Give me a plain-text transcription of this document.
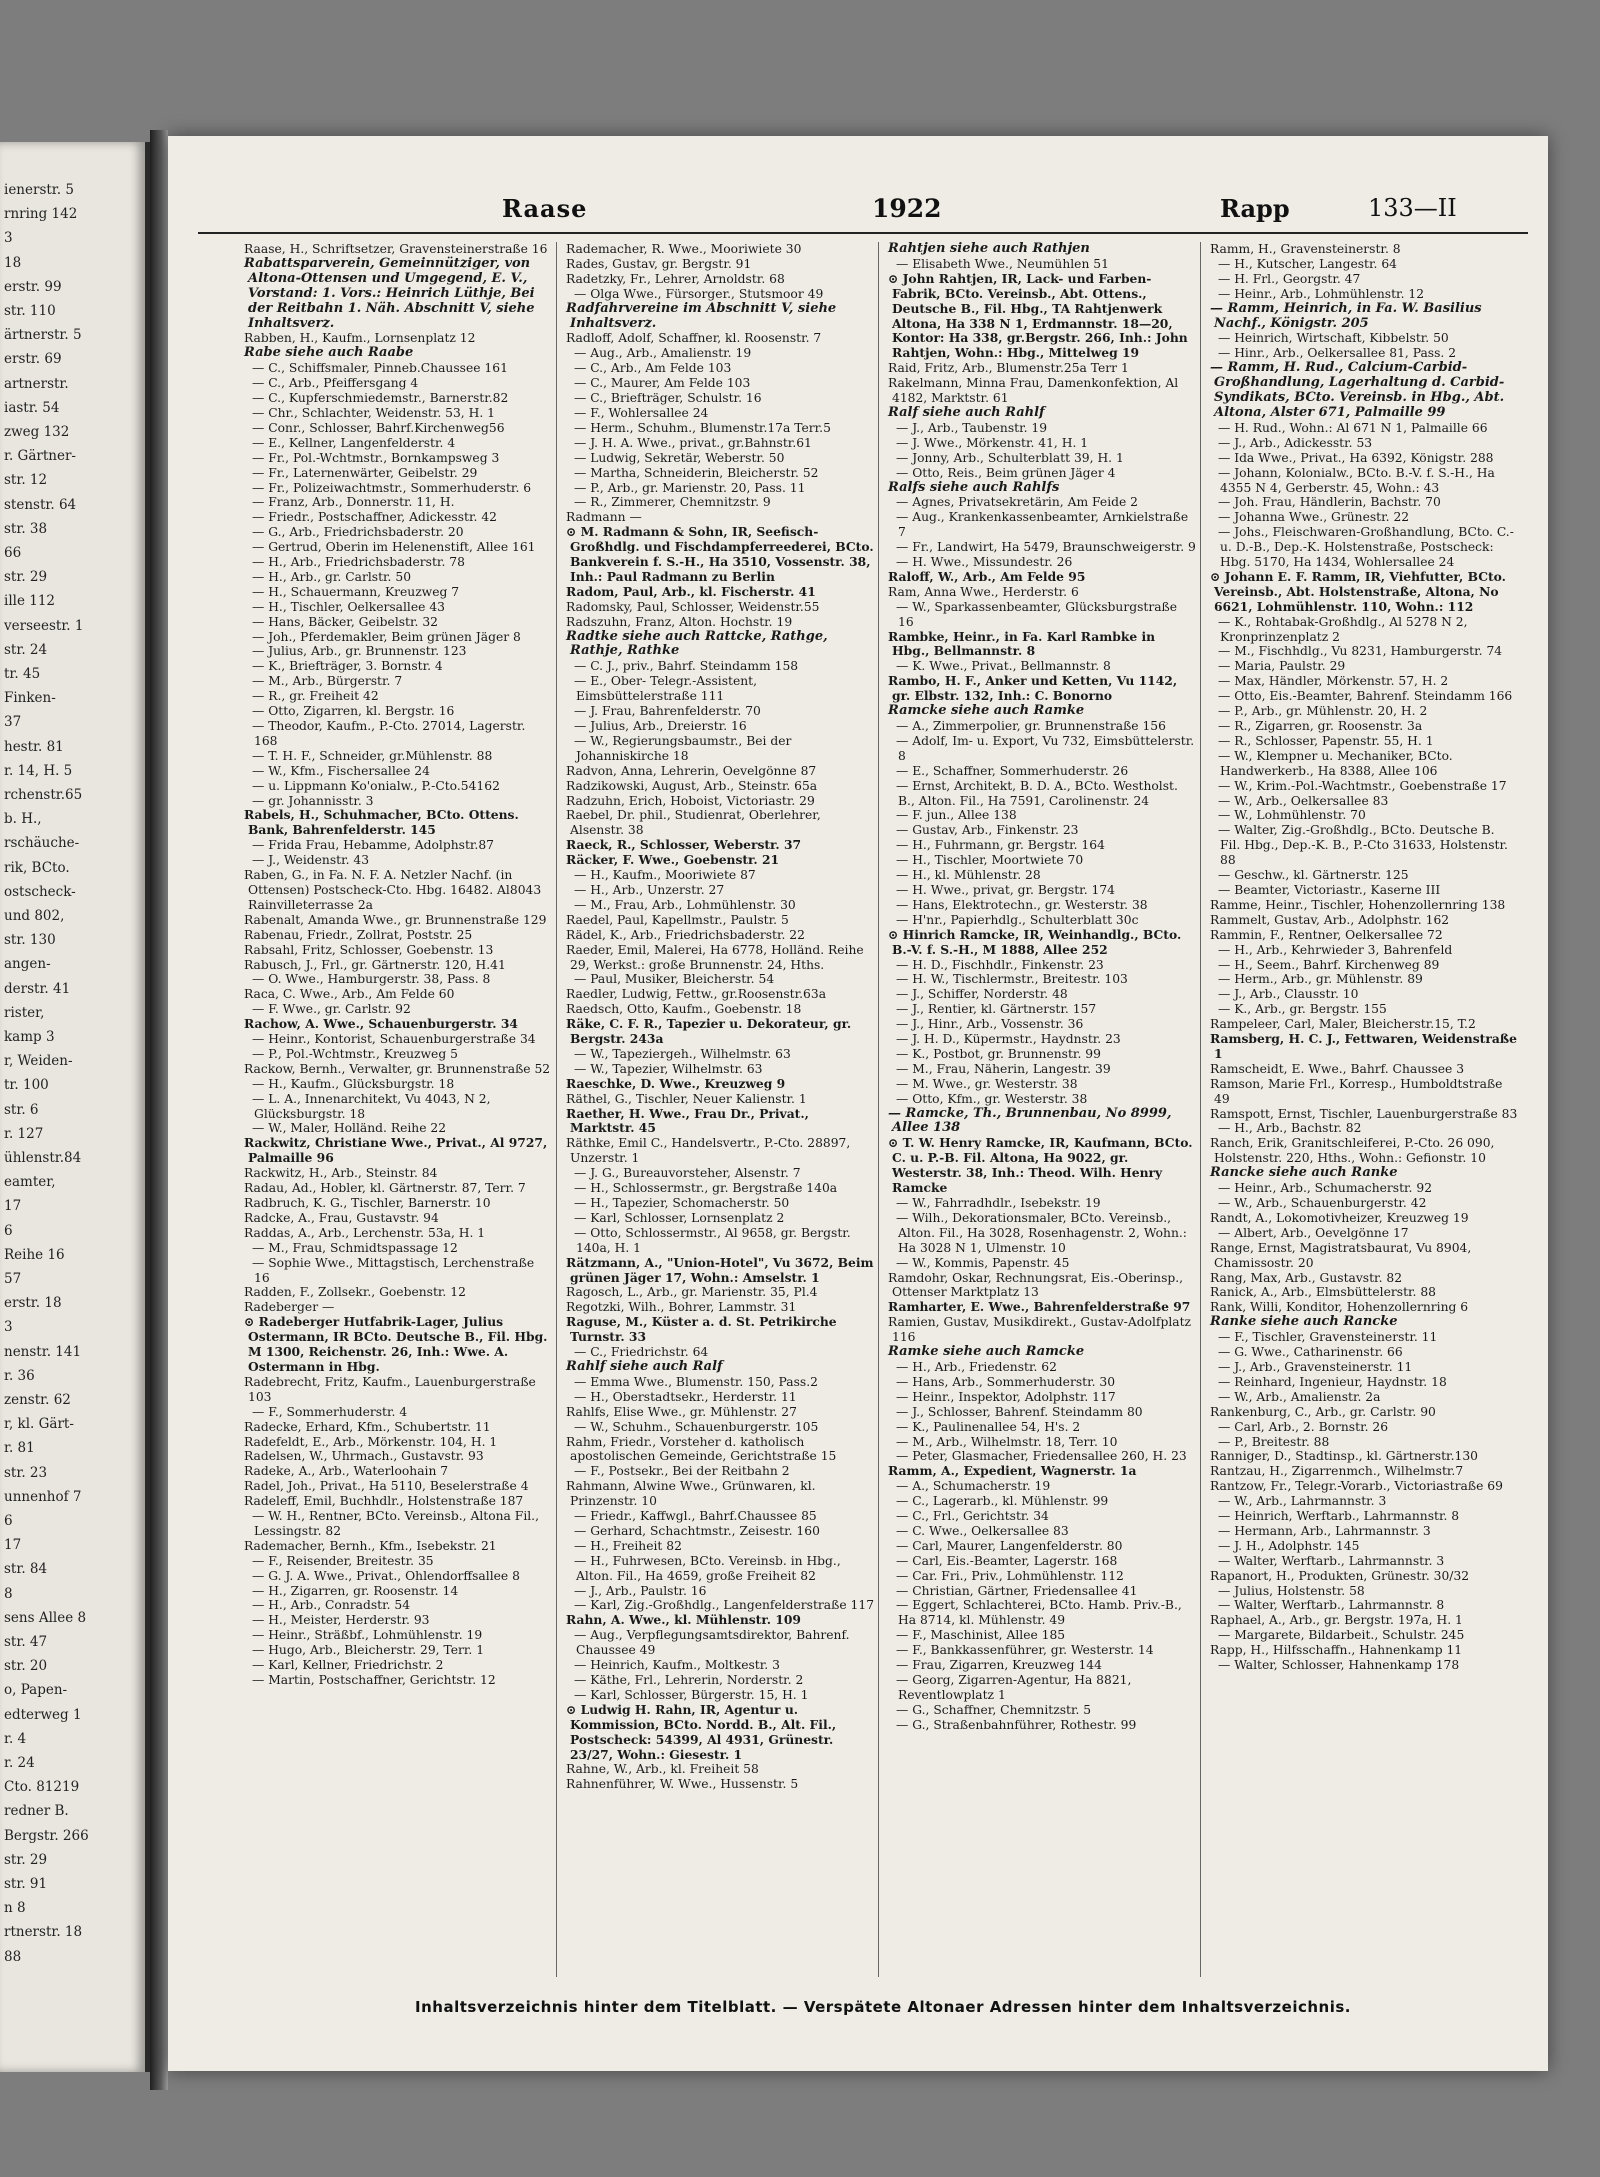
ienerstr. 5
rnring 142
3
18
erstr. 99
str. 110
ärtnerstr. 5
erstr. 69
artnerstr.
iastr. 54
zweg 132
r. Gärtner-
str. 12
stenstr. 64
str. 38
66
str. 29
ille 112
verseestr. 1
str. 24
tr. 45
Finken-
37
hestr. 81
r. 14, H. 5
rchenstr.65
b. H.,
rschäuche-
rik, BCto.
ostscheck-
und 802,
str. 130
angen-
derstr. 41
rister,
kamp 3
r, Weiden-
tr. 100
str. 6
r. 127
ühlenstr.84
eamter,
17
6
Reihe 16
57
erstr. 18
3
nenstr. 141
r. 36
zenstr. 62
r, kl. Gärt-
r. 81
str. 23
unnenhof 7
6
17
str. 84
8
sens Allee 8
str. 47
str. 20
o, Papen-
edterweg 1
r. 4
r. 24
Cto. 81219
redner B.
Bergstr. 266
str. 29
str. 91
n 8
rtnerstr. 18
88
Raase	1922	Rapp	133—II
Raase, H., Schriftsetzer, Gravensteinerstraße 16
Rabattsparverein, Gemeinnütziger, von Altona-Ottensen und Umgegend, E. V., Vorstand: 1. Vors.: Heinrich Lüthje, Bei der Reitbahn 1. Näh. Abschnitt V, siehe Inhaltsverz.
Rabben, H., Kaufm., Lornsenplatz 12
Rabe siehe auch Raabe
— C., Schiffsmaler, Pinneb.Chaussee 161
— C., Arb., Pfeiffersgang 4
— C., Kupferschmiedemstr., Barnerstr.82
— Chr., Schlachter, Weidenstr. 53, H. 1
— Conr., Schlosser, Bahrf.Kirchenweg56
— E., Kellner, Langenfelderstr. 4
— Fr., Pol.-Wchtmstr., Bornkampsweg 3
— Fr., Laternenwärter, Geibelstr. 29
— Fr., Polizeiwachtmstr., Sommerhuderstr. 6
— Franz, Arb., Donnerstr. 11, H.
— Friedr., Postschaffner, Adickesstr. 42
— G., Arb., Friedrichsbaderstr. 20
— Gertrud, Oberin im Helenenstift, Allee 161
— H., Arb., Friedrichsbaderstr. 78
— H., Arb., gr. Carlstr. 50
— H., Schauermann, Kreuzweg 7
— H., Tischler, Oelkersallee 43
— Hans, Bäcker, Geibelstr. 32
— Joh., Pferdemakler, Beim grünen Jäger 8
— Julius, Arb., gr. Brunnenstr. 123
— K., Briefträger, 3. Bornstr. 4
— M., Arb., Bürgerstr. 7
— R., gr. Freiheit 42
— Otto, Zigarren, kl. Bergstr. 16
— Theodor, Kaufm., P.-Cto. 27014, Lagerstr. 168
— T. H. F., Schneider, gr.Mühlenstr. 88
— W., Kfm., Fischersallee 24
— u. Lippmann Ko'onialw., P.-Cto.54162
— gr. Johannisstr. 3
Rabels, H., Schuhmacher, BCto. Ottens. Bank, Bahrenfelderstr. 145
— Frida Frau, Hebamme, Adolphstr.87
— J., Weidenstr. 43
Raben, G., in Fa. N. F. A. Netzler Nachf. (in Ottensen) Postscheck-Cto. Hbg. 16482. Al8043 Rainvilleterrasse 2a
Rabenalt, Amanda Wwe., gr. Brunnenstraße 129
Rabenau, Friedr., Zollrat, Poststr. 25
Rabsahl, Fritz, Schlosser, Goebenstr. 13
Rabusch, J., Frl., gr. Gärtnerstr. 120, H.41
— O. Wwe., Hamburgerstr. 38, Pass. 8
Raca, C. Wwe., Arb., Am Felde 60
— F. Wwe., gr. Carlstr. 92
Rachow, A. Wwe., Schauenburgerstr. 34
— Heinr., Kontorist, Schauenburgerstraße 34
— P., Pol.-Wchtmstr., Kreuzweg 5
Rackow, Bernh., Verwalter, gr. Brunnenstraße 52
— H., Kaufm., Glücksburgstr. 18
— L. A., Innenarchitekt, Vu 4043, N 2, Glücksburgstr. 18
— W., Maler, Holländ. Reihe 22
Rackwitz, Christiane Wwe., Privat., Al 9727, Palmaille 96
Rackwitz, H., Arb., Steinstr. 84
Radau, Ad., Hobler, kl. Gärtnerstr. 87, Terr. 7
Radbruch, K. G., Tischler, Barnerstr. 10
Radcke, A., Frau, Gustavstr. 94
Raddas, A., Arb., Lerchenstr. 53a, H. 1
— M., Frau, Schmidtspassage 12
— Sophie Wwe., Mittagstisch, Lerchenstraße 16
Radden, F., Zollsekr., Goebenstr. 12
Radeberger —
⊙ Radeberger Hutfabrik-Lager, Julius Ostermann, IR BCto. Deutsche B., Fil. Hbg. M 1300, Reichenstr. 26, Inh.: Wwe. A. Ostermann in Hbg.
Radebrecht, Fritz, Kaufm., Lauenburgerstraße 103
— F., Sommerhuderstr. 4
Radecke, Erhard, Kfm., Schubertstr. 11
Radefeldt, E., Arb., Mörkenstr. 104, H. 1
Radelsen, W., Uhrmach., Gustavstr. 93
Radeke, A., Arb., Waterloohain 7
Radel, Joh., Privat., Ha 5110, Beselerstraße 4
Radeleff, Emil, Buchhdlr., Holstenstraße 187
— W. H., Rentner, BCto. Vereinsb., Altona Fil., Lessingstr. 82
Rademacher, Bernh., Kfm., Isebekstr. 21
— F., Reisender, Breitestr. 35
— G. J. A. Wwe., Privat., Ohlendorffsallee 8
— H., Zigarren, gr. Roosenstr. 14
— H., Arb., Conradstr. 54
— H., Meister, Herderstr. 93
— Heinr., Sträßbf., Lohmühlenstr. 19
— Hugo, Arb., Bleicherstr. 29, Terr. 1
— Karl, Kellner, Friedrichstr. 2
— Martin, Postschaffner, Gerichtstr. 12
Rademacher, R. Wwe., Mooriwiete 30
Rades, Gustav, gr. Bergstr. 91
Radetzky, Fr., Lehrer, Arnoldstr. 68
— Olga Wwe., Fürsorger., Stutsmoor 49
Radfahrvereine im Abschnitt V, siehe Inhaltsverz.
Radloff, Adolf, Schaffner, kl. Roosenstr. 7
— Aug., Arb., Amalienstr. 19
— C., Arb., Am Felde 103
— C., Maurer, Am Felde 103
— C., Briefträger, Schulstr. 16
— F., Wohlersallee 24
— Herm., Schuhm., Blumenstr.17a Terr.5
— J. H. A. Wwe., privat., gr.Bahnstr.61
— Ludwig, Sekretär, Weberstr. 50
— Martha, Schneiderin, Bleicherstr. 52
— P., Arb., gr. Marienstr. 20, Pass. 11
— R., Zimmerer, Chemnitzstr. 9
Radmann —
⊙ M. Radmann & Sohn, IR, Seefisch-Großhdlg. und Fischdampferreederei, BCto. Bankverein f. S.-H., Ha 3510, Vossenstr. 38, Inh.: Paul Radmann zu Berlin
Radom, Paul, Arb., kl. Fischerstr. 41
Radomsky, Paul, Schlosser, Weidenstr.55
Radszuhn, Franz, Alton. Hochstr. 19
Radtke siehe auch Rattcke, Rathge, Rathje, Rathke
— C. J., priv., Bahrf. Steindamm 158
— E., Ober- Telegr.-Assistent, Eimsbüttelerstraße 111
— J. Frau, Bahrenfelderstr. 70
— Julius, Arb., Dreierstr. 16
— W., Regierungsbaumstr., Bei der Johanniskirche 18
Radvon, Anna, Lehrerin, Oevelgönne 87
Radzikowski, August, Arb., Steinstr. 65a
Radzuhn, Erich, Hoboist, Victoriastr. 29
Raebel, Dr. phil., Studienrat, Oberlehrer, Alsenstr. 38
Raeck, R., Schlosser, Weberstr. 37
Räcker, F. Wwe., Goebenstr. 21
— H., Kaufm., Mooriwiete 87
— H., Arb., Unzerstr. 27
— M., Frau, Arb., Lohmühlenstr. 30
Raedel, Paul, Kapellmstr., Paulstr. 5
Rädel, K., Arb., Friedrichsbaderstr. 22
Raeder, Emil, Malerei, Ha 6778, Holländ. Reihe 29, Werkst.: große Brunnenstr. 24, Hths.
— Paul, Musiker, Bleicherstr. 54
Raedler, Ludwig, Fettw., gr.Roosenstr.63a
Raedsch, Otto, Kaufm., Goebenstr. 18
Räke, C. F. R., Tapezier u. Dekorateur, gr. Bergstr. 243a
— W., Tapeziergeh., Wilhelmstr. 63
— W., Tapezier, Wilhelmstr. 63
Raeschke, D. Wwe., Kreuzweg 9
Räthel, G., Tischler, Neuer Kalienstr. 1
Raether, H. Wwe., Frau Dr., Privat., Marktstr. 45
Räthke, Emil C., Handelsvertr., P.-Cto. 28897, Unzerstr. 1
— J. G., Bureauvorsteher, Alsenstr. 7
— H., Schlossermstr., gr. Bergstraße 140a
— H., Tapezier, Schomacherstr. 50
— Karl, Schlosser, Lornsenplatz 2
— Otto, Schlossermstr., Al 9658, gr. Bergstr. 140a, H. 1
Rätzmann, A., "Union-Hotel", Vu 3672, Beim grünen Jäger 17, Wohn.: Amselstr. 1
Ragosch, L., Arb., gr. Marienstr. 35, Pl.4
Regotzki, Wilh., Bohrer, Lammstr. 31
Raguse, M., Küster a. d. St. Petrikirche Turnstr. 33
— C., Friedrichstr. 64
Rahlf siehe auch Ralf
— Emma Wwe., Blumenstr. 150, Pass.2
— H., Oberstadtsekr., Herderstr. 11
Rahlfs, Elise Wwe., gr. Mühlenstr. 27
— W., Schuhm., Schauenburgerstr. 105
Rahm, Friedr., Vorsteher d. katholisch apostolischen Gemeinde, Gerichtstraße 15
— F., Postsekr., Bei der Reitbahn 2
Rahmann, Alwine Wwe., Grünwaren, kl. Prinzenstr. 10
— Friedr., Kaffwgl., Bahrf.Chaussee 85
— Gerhard, Schachtmstr., Zeisestr. 160
— H., Freiheit 82
— H., Fuhrwesen, BCto. Vereinsb. in Hbg., Alton. Fil., Ha 4659, große Freiheit 82
— J., Arb., Paulstr. 16
— Karl, Zig.-Großhdlg., Langenfelderstraße 117
Rahn, A. Wwe., kl. Mühlenstr. 109
— Aug., Verpflegungsamtsdirektor, Bahrenf. Chaussee 49
— Heinrich, Kaufm., Moltkestr. 3
— Käthe, Frl., Lehrerin, Norderstr. 2
— Karl, Schlosser, Bürgerstr. 15, H. 1
⊙ Ludwig H. Rahn, IR, Agentur u. Kommission, BCto. Nordd. B., Alt. Fil., Postscheck: 54399, Al 4931, Grünestr. 23/27, Wohn.: Giesestr. 1
Rahne, W., Arb., kl. Freiheit 58
Rahnenführer, W. Wwe., Hussenstr. 5
Rahtjen siehe auch Rathjen
— Elisabeth Wwe., Neumühlen 51
⊙ John Rahtjen, IR, Lack- und Farben-Fabrik, BCto. Vereinsb., Abt. Ottens., Deutsche B., Fil. Hbg., TA Rahtjenwerk Altona, Ha 338 N 1, Erdmannstr. 18—20, Kontor: Ha 338, gr.Bergstr. 266, Inh.: John Rahtjen, Wohn.: Hbg., Mittelweg 19
Raid, Fritz, Arb., Blumenstr.25a Terr 1
Rakelmann, Minna Frau, Damenkonfektion, Al 4182, Marktstr. 61
Ralf siehe auch Rahlf
— J., Arb., Taubenstr. 19
— J. Wwe., Mörkenstr. 41, H. 1
— Jonny, Arb., Schulterblatt 39, H. 1
— Otto, Reis., Beim grünen Jäger 4
Ralfs siehe auch Rahlfs
— Agnes, Privatsekretärin, Am Feide 2
— Aug., Krankenkassenbeamter, Arnkielstraße 7
— Fr., Landwirt, Ha 5479, Braunschweigerstr. 9
— H. Wwe., Missundestr. 26
Raloff, W., Arb., Am Felde 95
Ram, Anna Wwe., Herderstr. 6
— W., Sparkassenbeamter, Glücksburgstraße 16
Rambke, Heinr., in Fa. Karl Rambke in Hbg., Bellmannstr. 8
— K. Wwe., Privat., Bellmannstr. 8
Rambo, H. F., Anker und Ketten, Vu 1142, gr. Elbstr. 132, Inh.: C. Bonorno
Ramcke siehe auch Ramke
— A., Zimmerpolier, gr. Brunnenstraße 156
— Adolf, Im- u. Export, Vu 732, Eimsbüttelerstr. 8
— E., Schaffner, Sommerhuderstr. 26
— Ernst, Architekt, B. D. A., BCto. Westholst. B., Alton. Fil., Ha 7591, Carolinenstr. 24
— F. jun., Allee 138
— Gustav, Arb., Finkenstr. 23
— H., Fuhrmann, gr. Bergstr. 164
— H., Tischler, Moortwiete 70
— H., kl. Mühlenstr. 28
— H. Wwe., privat, gr. Bergstr. 174
— Hans, Elektrotechn., gr. Westerstr. 38
— H'nr., Papierhdlg., Schulterblatt 30c
⊙ Hinrich Ramcke, IR, Weinhandlg., BCto. B.-V. f. S.-H., M 1888, Allee 252
— H. D., Fischhdlr., Finkenstr. 23
— H. W., Tischlermstr., Breitestr. 103
— J., Schiffer, Norderstr. 48
— J., Rentier, kl. Gärtnerstr. 157
— J., Hinr., Arb., Vossenstr. 36
— J. H. D., Küpermstr., Haydnstr. 23
— K., Postbot, gr. Brunnenstr. 99
— M., Frau, Näherin, Langestr. 39
— M. Wwe., gr. Westerstr. 38
— Otto, Kfm., gr. Westerstr. 38
— Ramcke, Th., Brunnenbau, No 8999, Allee 138
⊙ T. W. Henry Ramcke, IR, Kaufmann, BCto. C. u. P.-B. Fil. Altona, Ha 9022, gr. Westerstr. 38, Inh.: Theod. Wilh. Henry Ramcke
— W., Fahrradhdlr., Isebekstr. 19
— Wilh., Dekorationsmaler, BCto. Vereinsb., Alton. Fil., Ha 3028, Rosenhagenstr. 2, Wohn.: Ha 3028 N 1, Ulmenstr. 10
— W., Kommis, Papenstr. 45
Ramdohr, Oskar, Rechnungsrat, Eis.-Oberinsp., Ottenser Marktplatz 13
Ramharter, E. Wwe., Bahrenfelderstraße 97
Ramien, Gustav, Musikdirekt., Gustav-Adolfplatz 116
Ramke siehe auch Ramcke
— H., Arb., Friedenstr. 62
— Hans, Arb., Sommerhuderstr. 30
— Heinr., Inspektor, Adolphstr. 117
— J., Schlosser, Bahrenf. Steindamm 80
— K., Paulinenallee 54, H's. 2
— M., Arb., Wilhelmstr. 18, Terr. 10
— Peter, Glasmacher, Friedensallee 260, H. 23
Ramm, A., Expedient, Wagnerstr. 1a
— A., Schumacherstr. 19
— C., Lagerarb., kl. Mühlenstr. 99
— C., Frl., Gerichtstr. 34
— C. Wwe., Oelkersallee 83
— Carl, Maurer, Langenfelderstr. 80
— Carl, Eis.-Beamter, Lagerstr. 168
— Car. Fri., Priv., Lohmühlenstr. 112
— Christian, Gärtner, Friedensallee 41
— Eggert, Schlachterei, BCto. Hamb. Priv.-B., Ha 8714, kl. Mühlenstr. 49
— F., Maschinist, Allee 185
— F., Bankkassenführer, gr. Westerstr. 14
— Frau, Zigarren, Kreuzweg 144
— Georg, Zigarren-Agentur, Ha 8821, Reventlowplatz 1
— G., Schaffner, Chemnitzstr. 5
— G., Straßenbahnführer, Rothestr. 99
Ramm, H., Gravensteinerstr. 8
— H., Kutscher, Langestr. 64
— H. Frl., Georgstr. 47
— Heinr., Arb., Lohmühlenstr. 12
— Ramm, Heinrich, in Fa. W. Basilius Nachf., Königstr. 205
— Heinrich, Wirtschaft, Kibbelstr. 50
— Hinr., Arb., Oelkersallee 81, Pass. 2
— Ramm, H. Rud., Calcium-Carbid-Großhandlung, Lagerhaltung d. Carbid-Syndikats, BCto. Vereinsb. in Hbg., Abt. Altona, Alster 671, Palmaille 99
— H. Rud., Wohn.: Al 671 N 1, Palmaille 66
— J., Arb., Adickesstr. 53
— Ida Wwe., Privat., Ha 6392, Königstr. 288
— Johann, Kolonialw., BCto. B.-V. f. S.-H., Ha 4355 N 4, Gerberstr. 45, Wohn.: 43
— Joh. Frau, Händlerin, Bachstr. 70
— Johanna Wwe., Grünestr. 22
— Johs., Fleischwaren-Großhandlung, BCto. C.- u. D.-B., Dep.-K. Holstenstraße, Postscheck: Hbg. 5170, Ha 1434, Wohlersallee 24
⊙ Johann E. F. Ramm, IR, Viehfutter, BCto. Vereinsb., Abt. Holstenstraße, Altona, No 6621, Lohmühlenstr. 110, Wohn.: 112
— K., Rohtabak-Großhdlg., Al 5278 N 2, Kronprinzenplatz 2
— M., Fischhdlg., Vu 8231, Hamburgerstr. 74
— Maria, Paulstr. 29
— Max, Händler, Mörkenstr. 57, H. 2
— Otto, Eis.-Beamter, Bahrenf. Steindamm 166
— P., Arb., gr. Mühlenstr. 20, H. 2
— R., Zigarren, gr. Roosenstr. 3a
— R., Schlosser, Papenstr. 55, H. 1
— W., Klempner u. Mechaniker, BCto. Handwerkerb., Ha 8388, Allee 106
— W., Krim.-Pol.-Wachtmstr., Goebenstraße 17
— W., Arb., Oelkersallee 83
— W., Lohmühlenstr. 70
— Walter, Zig.-Großhdlg., BCto. Deutsche B. Fil. Hbg., Dep.-K. B., P.-Cto 31633, Holstenstr. 88
— Geschw., kl. Gärtnerstr. 125
— Beamter, Victoriastr., Kaserne III
Ramme, Heinr., Tischler, Hohenzollernring 138
Rammelt, Gustav, Arb., Adolphstr. 162
Rammin, F., Rentner, Oelkersallee 72
— H., Arb., Kehrwieder 3, Bahrenfeld
— H., Seem., Bahrf. Kirchenweg 89
— Herm., Arb., gr. Mühlenstr. 89
— J., Arb., Clausstr. 10
— K., Arb., gr. Bergstr. 155
Rampeleer, Carl, Maler, Bleicherstr.15, T.2
Ramsberg, H. C. J., Fettwaren, Weidenstraße 1
Ramscheidt, E. Wwe., Bahrf. Chaussee 3
Ramson, Marie Frl., Korresp., Humboldtstraße 49
Ramspott, Ernst, Tischler, Lauenburgerstraße 83
— H., Arb., Bachstr. 82
Ranch, Erik, Granitschleiferei, P.-Cto. 26 090, Holstenstr. 220, Hths., Wohn.: Gefionstr. 10
Rancke siehe auch Ranke
— Heinr., Arb., Schumacherstr. 92
— W., Arb., Schauenburgerstr. 42
Randt, A., Lokomotivheizer, Kreuzweg 19
— Albert, Arb., Oevelgönne 17
Range, Ernst, Magistratsbaurat, Vu 8904, Chamissostr. 20
Rang, Max, Arb., Gustavstr. 82
Ranick, A., Arb., Elmsbüttelerstr. 88
Rank, Willi, Konditor, Hohenzollernring 6
Ranke siehe auch Rancke
— F., Tischler, Gravensteinerstr. 11
— G. Wwe., Catharinenstr. 66
— J., Arb., Gravensteinerstr. 11
— Reinhard, Ingenieur, Haydnstr. 18
— W., Arb., Amalienstr. 2a
Rankenburg, C., Arb., gr. Carlstr. 90
— Carl, Arb., 2. Bornstr. 26
— P., Breitestr. 88
Ranniger, D., Stadtinsp., kl. Gärtnerstr.130
Rantzau, H., Zigarrenmch., Wilhelmstr.7
Rantzow, Fr., Telegr.-Vorarb., Victoriastraße 69
— W., Arb., Lahrmannstr. 3
— Heinrich, Werftarb., Lahrmannstr. 8
— Hermann, Arb., Lahrmannstr. 3
— J. H., Adolphstr. 145
— Walter, Werftarb., Lahrmannstr. 3
Rapanort, H., Produkten, Grünestr. 30/32
— Julius, Holstenstr. 58
— Walter, Werftarb., Lahrmannstr. 8
Raphael, A., Arb., gr. Bergstr. 197a, H. 1
— Margarete, Bildarbeit., Schulstr. 245
Rapp, H., Hilfsschaffn., Hahnenkamp 11
— Walter, Schlosser, Hahnenkamp 178
Inhaltsverzeichnis hinter dem Titelblatt. — Verspätete Altonaer Adressen hinter dem Inhaltsverzeichnis.
